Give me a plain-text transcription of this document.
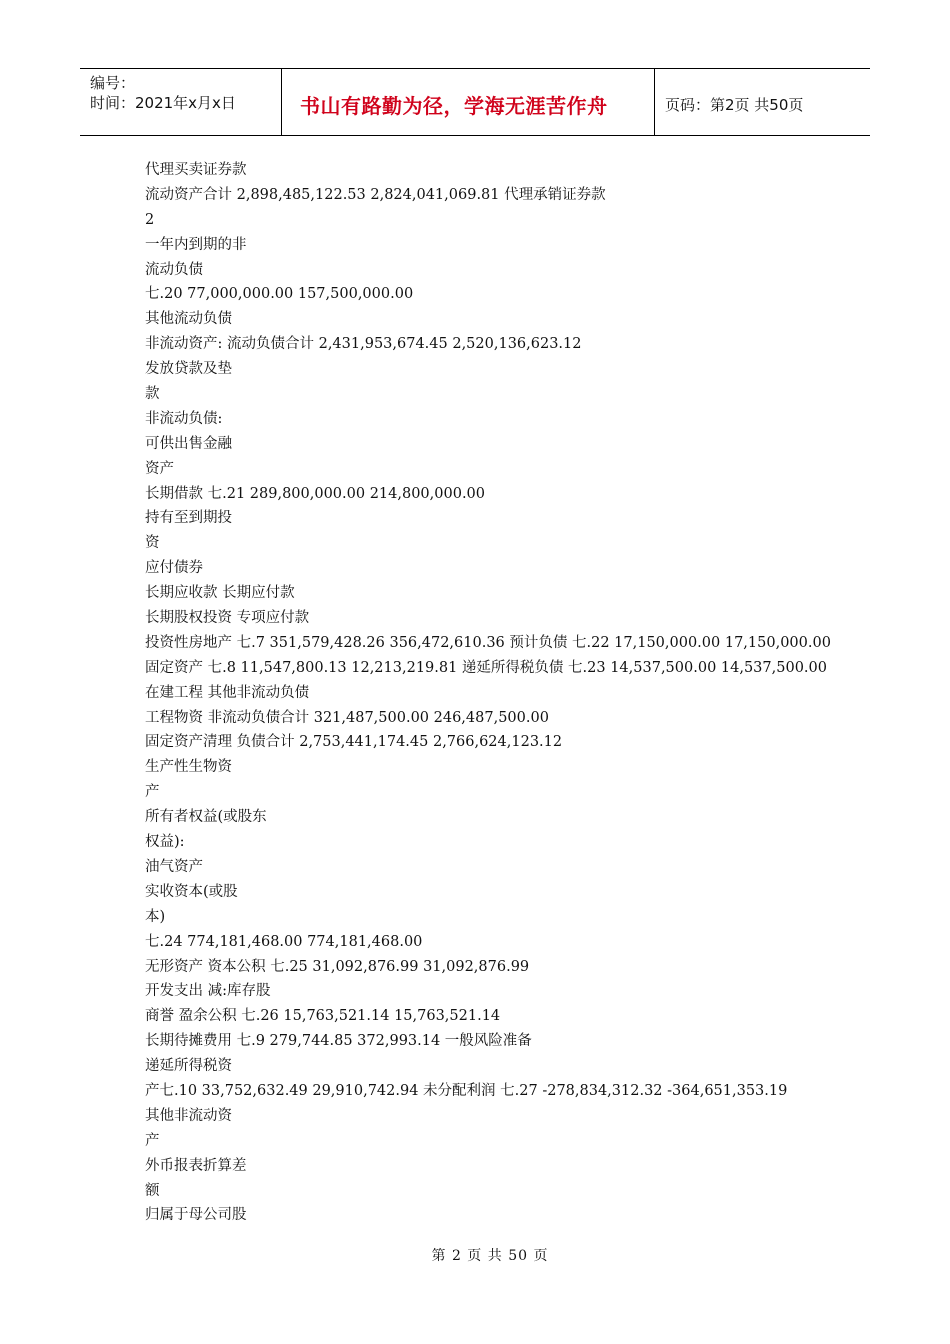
编号：
时间：2021年x月x日	书山有路勤为径，学海无涯苦作舟	页码：第2页 共50页
代理买卖证券款
流动资产合计 2,898,485,122.53 2,824,041,069.81 代理承销证券款
2
一年内到期的非
流动负债
七.20 77,000,000.00 157,500,000.00
其他流动负债
非流动资产: 流动负债合计 2,431,953,674.45 2,520,136,623.12
发放贷款及垫
款
非流动负债:
可供出售金融
资产
长期借款 七.21 289,800,000.00 214,800,000.00
持有至到期投
资
应付债券
长期应收款 长期应付款
长期股权投资 专项应付款
投资性房地产 七.7 351,579,428.26 356,472,610.36 预计负债 七.22 17,150,000.00 17,150,000.00
固定资产 七.8 11,547,800.13 12,213,219.81 递延所得税负债 七.23 14,537,500.00 14,537,500.00
在建工程 其他非流动负债
工程物资 非流动负债合计 321,487,500.00 246,487,500.00
固定资产清理 负债合计 2,753,441,174.45 2,766,624,123.12
生产性生物资
产
所有者权益(或股东
权益):
油气资产
实收资本(或股
本)
七.24 774,181,468.00 774,181,468.00
无形资产 资本公积 七.25 31,092,876.99 31,092,876.99
开发支出 减:库存股
商誉 盈余公积 七.26 15,763,521.14 15,763,521.14
长期待摊费用 七.9 279,744.85 372,993.14 一般风险准备
递延所得税资
产七.10 33,752,632.49 29,910,742.94 未分配利润 七.27 -278,834,312.32 -364,651,353.19
其他非流动资
产
外币报表折算差
额
归属于母公司股
第 2 页 共 50 页
